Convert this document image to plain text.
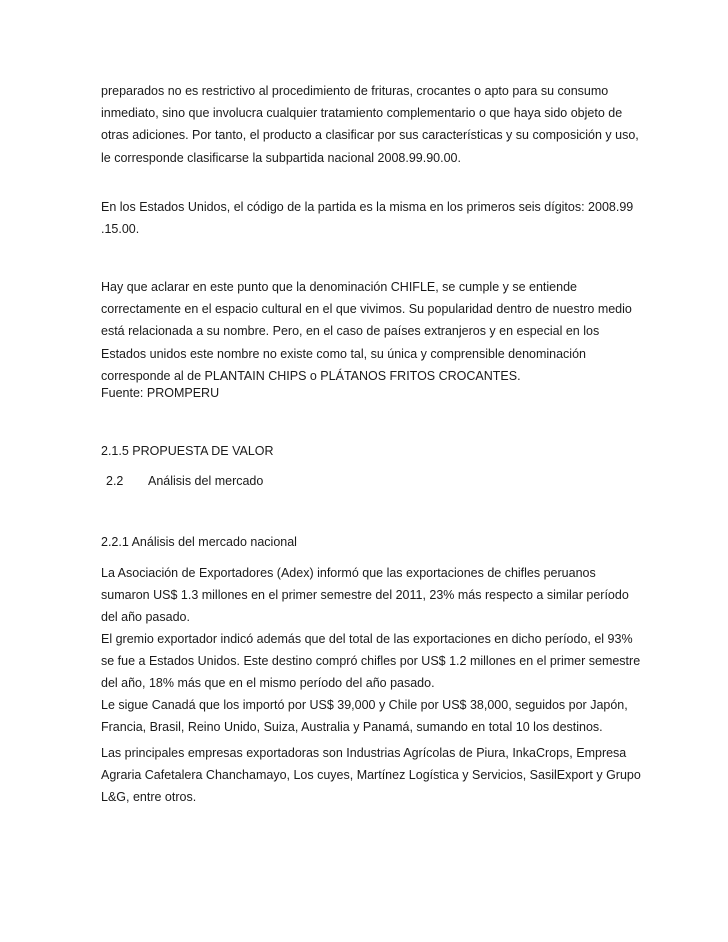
preparados no es restrictivo al procedimiento de frituras, crocantes o apto para su consumo inmediato, sino que involucra cualquier tratamiento complementario o que haya sido objeto de otras adiciones. Por tanto, el producto a clasificar por sus características y su composición y uso, le corresponde clasificarse la subpartida nacional 2008.99.90.00.

En los Estados Unidos, el código de la partida es la misma en los primeros seis dígitos: 2008.99 .15.00.

Hay que aclarar en este punto que la denominación CHIFLE, se cumple y se entiende correctamente en el espacio cultural en el que vivimos. Su popularidad dentro de nuestro medio está relacionada a su nombre. Pero, en el caso de países extranjeros y en especial en los Estados unidos este nombre no existe como tal, su única y comprensible denominación corresponde al de PLANTAIN CHIPS o PLÁTANOS FRITOS CROCANTES.

Fuente: PROMPERU

2.1.5 PROPUESTA DE VALOR

2.2 Análisis del mercado

2.2.1 Análisis del mercado nacional

La Asociación de Exportadores (Adex) informó que las exportaciones de chifles peruanos sumaron US$ 1.3 millones en el primer semestre del 2011, 23% más respecto a similar período del año pasado.

El gremio exportador indicó además que del total de las exportaciones en dicho período, el 93% se fue a Estados Unidos. Este destino compró chifles por US$ 1.2 millones en el primer semestre del año, 18% más que en el mismo período del año pasado.

Le sigue Canadá que los importó por US$ 39,000 y Chile por US$ 38,000, seguidos por Japón, Francia, Brasil, Reino Unido, Suiza, Australia y Panamá, sumando en total 10 los destinos.

Las principales empresas exportadoras son Industrias Agrícolas de Piura, InkaCrops, Empresa Agraria Cafetalera Chanchamayo, Los cuyes, Martínez Logística y Servicios, SasilExport y Grupo L&G, entre otros.
